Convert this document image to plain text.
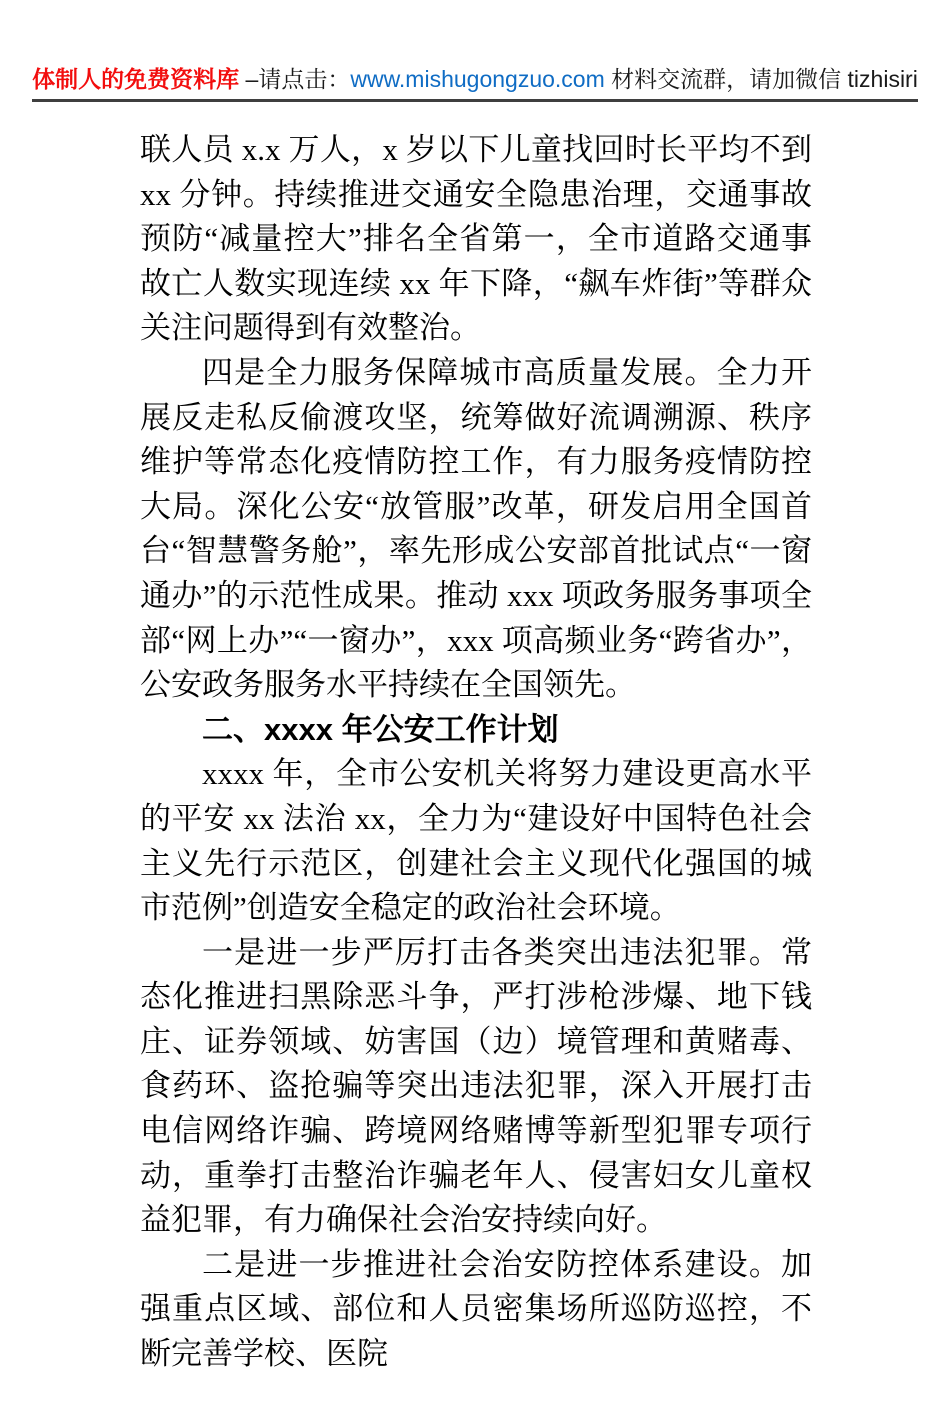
体制人的免费资料库 –请点击：www.mishugongzuo.com 材料交流群，请加微信 tizhisiri

联人员 x.x 万人，x 岁以下儿童找回时长平均不到 xx 分钟。持续推进交通安全隐患治理，交通事故预防“减量控大”排名全省第一，全市道路交通事故亡人数实现连续 xx 年下降，“飙车炸街”等群众关注问题得到有效整治。

四是全力服务保障城市高质量发展。全力开展反走私反偷渡攻坚，统筹做好流调溯源、秩序维护等常态化疫情防控工作，有力服务疫情防控大局。深化公安“放管服”改革，研发启用全国首台“智慧警务舱”，率先形成公安部首批试点“一窗通办”的示范性成果。推动 xxx 项政务服务事项全部“网上办”“一窗办”，xxx 项高频业务“跨省办”，公安政务服务水平持续在全国领先。

二、xxxx 年公安工作计划

xxxx 年，全市公安机关将努力建设更高水平的平安 xx 法治 xx，全力为“建设好中国特色社会主义先行示范区，创建社会主义现代化强国的城市范例”创造安全稳定的政治社会环境。

一是进一步严厉打击各类突出违法犯罪。常态化推进扫黑除恶斗争，严打涉枪涉爆、地下钱庄、证券领域、妨害国（边）境管理和黄赌毒、食药环、盗抢骗等突出违法犯罪，深入开展打击电信网络诈骗、跨境网络赌博等新型犯罪专项行动，重拳打击整治诈骗老年人、侵害妇女儿童权益犯罪，有力确保社会治安持续向好。

二是进一步推进社会治安防控体系建设。加强重点区域、部位和人员密集场所巡防巡控，不断完善学校、医院
